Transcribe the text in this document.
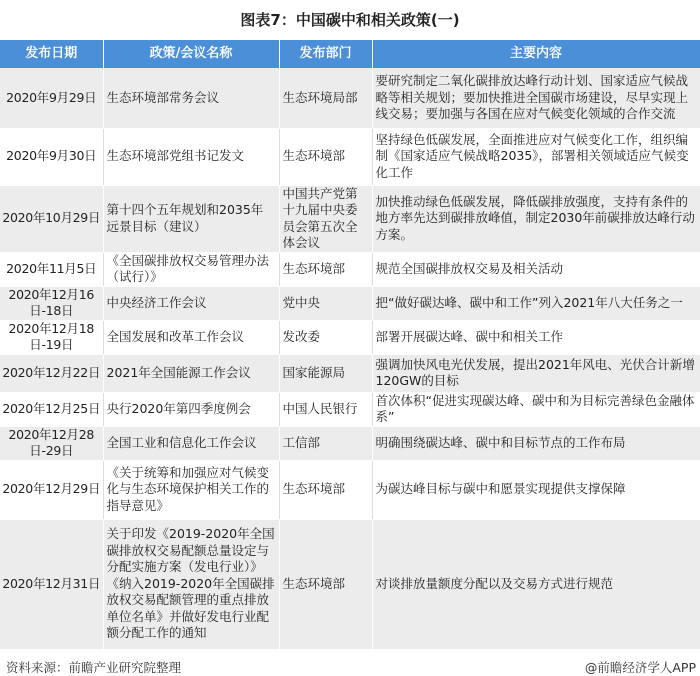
图表7：中国碳中和相关政策(一)
发布日期	政策/会议名称	发布部门	主要内容
2020年9月29日	生态环境部常务会议	生态环境局部	要研究制定二氧化碳排放达峰行动计划、国家适应气候战略等相关规划；要加快推进全国碳市场建设，尽早实现上线交易；要加强与各国在应对气候变化领域的合作交流
2020年9月30日	生态环境部党组书记发文	生态环境部	坚持绿色低碳发展，全面推进应对气候变化工作，组织编制《国家适应气候战略2035》，部署相关领域适应气候变化工作
2020年10月29日	第十四个五年规划和2035年远景目标（建议）	中国共产党第十九届中央委员会第五次全体会议	加快推动绿色低碳发展，降低碳排放强度，支持有条件的地方率先达到碳排放峰值，制定2030年前碳排放达峰行动方案。
2020年11月5日	《全国碳排放权交易管理办法（试行）》	生态环境部	规范全国碳排放权交易及相关活动
2020年12月16日-18日	中央经济工作会议	党中央	把“做好碳达峰、碳中和工作”列入2021年八大任务之一
2020年12月18日-19日	全国发展和改革工作会议	发改委	部署开展碳达峰、碳中和相关工作
2020年12月22日	2021年全国能源工作会议	国家能源局	强调加快风电光伏发展，提出2021年风电、光伏合计新增120GW的目标
2020年12月25日	央行2020年第四季度例会	中国人民银行	首次体积“促进实现碳达峰、碳中和为目标完善绿色金融体系”
2020年12月28日-29日	全国工业和信息化工作会议	工信部	明确围绕碳达峰、碳中和目标节点的工作布局
2020年12月29日	《关于统筹和加强应对气候变化与生态环境保护相关工作的指导意见》	生态环境部	为碳达峰目标与碳中和愿景实现提供支撑保障
2020年12月31日	关于印发《2019-2020年全国碳排放权交易配额总量设定与分配实施方案（发电行业）》《纳入2019-2020年全国碳排放权交易配额管理的重点排放单位名单》并做好发电行业配额分配工作的通知	生态环境部	对谈排放量额度分配以及交易方式进行规范
资料来源：前瞻产业研究院整理	@前瞻经济学人APP
